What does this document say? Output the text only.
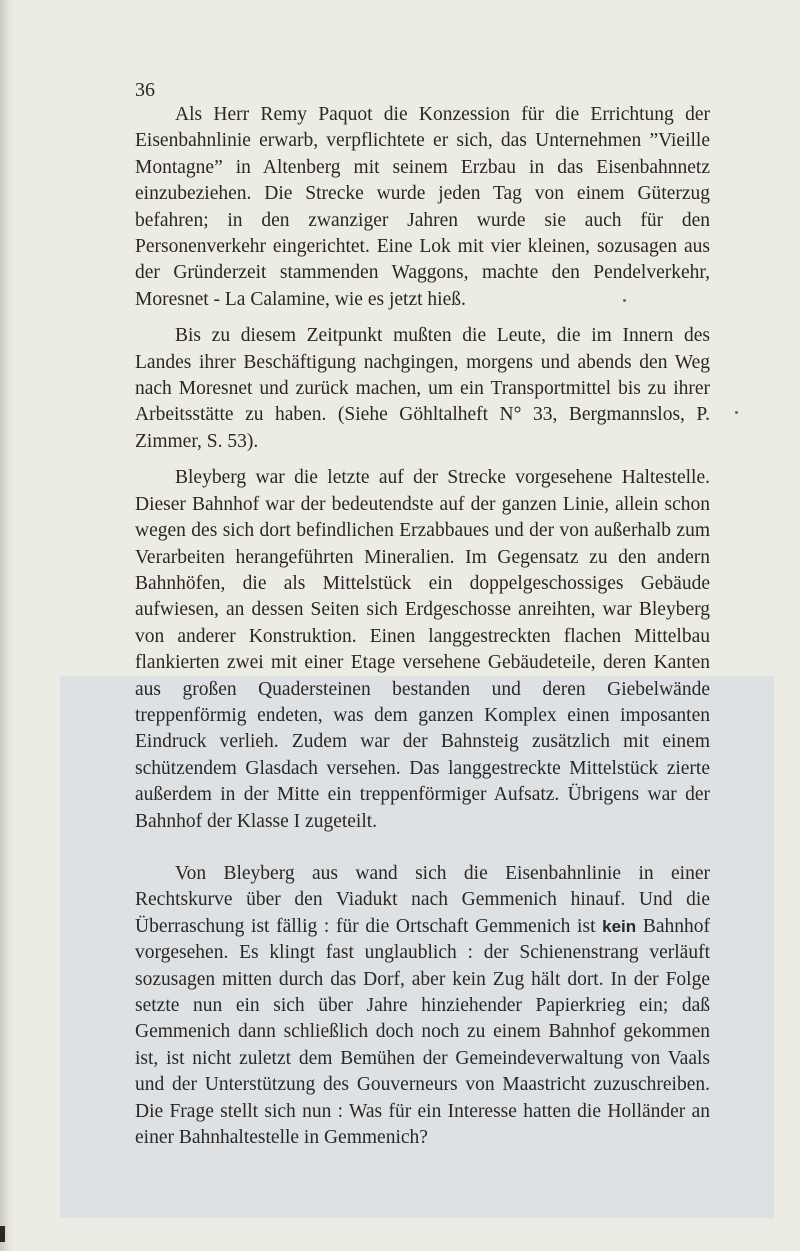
36

Als Herr Remy Paquot die Konzession für die Errichtung der Eisenbahnlinie erwarb, verpflichtete er sich, das Unternehmen ”Vieille Montagne” in Altenberg mit seinem Erzbau in das Eisenbahnnetz einzubeziehen. Die Strecke wurde jeden Tag von einem Güterzug befahren; in den zwanziger Jahren wurde sie auch für den Personenverkehr eingerichtet. Eine Lok mit vier kleinen, sozusagen aus der Gründerzeit stammenden Waggons, machte den Pendelverkehr, Moresnet - La Calamine, wie es jetzt hieß.

Bis zu diesem Zeitpunkt mußten die Leute, die im Innern des Landes ihrer Beschäftigung nachgingen, morgens und abends den Weg nach Moresnet und zurück machen, um ein Transportmittel bis zu ihrer Arbeitsstätte zu haben. (Siehe Göhltalheft N° 33, Bergmannslos, P. Zimmer, S. 53).

Bleyberg war die letzte auf der Strecke vorgesehene Haltestelle. Dieser Bahnhof war der bedeutendste auf der ganzen Linie, allein schon wegen des sich dort befindlichen Erzabbaues und der von außerhalb zum Verarbeiten herangeführten Mineralien. Im Gegensatz zu den andern Bahnhöfen, die als Mittelstück ein doppelgeschossiges Gebäude aufwiesen, an dessen Seiten sich Erdgeschosse anreihten, war Bleyberg von anderer Konstruktion. Einen langgestreckten flachen Mittelbau flankierten zwei mit einer Etage versehene Gebäudeteile, deren Kanten aus großen Quadersteinen bestanden und deren Giebelwände treppenförmig endeten, was dem ganzen Komplex einen imposanten Eindruck verlieh. Zudem war der Bahnsteig zusätzlich mit einem schützendem Glasdach versehen. Das langgestreckte Mittelstück zierte außerdem in der Mitte ein treppenförmiger Aufsatz. Übrigens war der Bahnhof der Klasse I zugeteilt.

Von Bleyberg aus wand sich die Eisenbahnlinie in einer Rechtskurve über den Viadukt nach Gemmenich hinauf. Und die Überraschung ist fällig : für die Ortschaft Gemmenich ist kein Bahnhof vorgesehen. Es klingt fast unglaublich : der Schienenstrang verläuft sozusagen mitten durch das Dorf, aber kein Zug hält dort. In der Folge setzte nun ein sich über Jahre hinziehender Papierkrieg ein; daß Gemmenich dann schließlich doch noch zu einem Bahnhof gekommen ist, ist nicht zuletzt dem Bemühen der Gemeindeverwaltung von Vaals und der Unterstützung des Gouverneurs von Maastricht zuzuschreiben. Die Frage stellt sich nun : Was für ein Interesse hatten die Holländer an einer Bahnhaltestelle in Gemmenich?
